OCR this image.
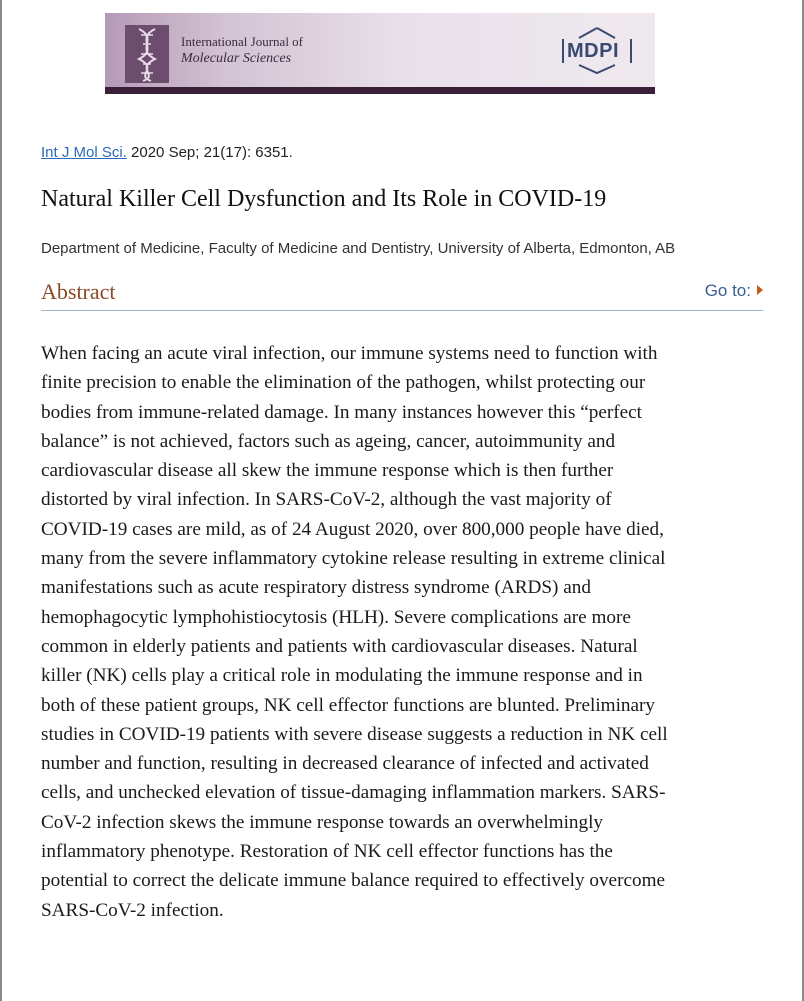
International Journal of
Molecular Sciences	MDPI
Int J Mol Sci. 2020 Sep; 21(17): 6351.
Natural Killer Cell Dysfunction and Its Role in COVID-19
Department of Medicine, Faculty of Medicine and Dentistry, University of Alberta, Edmonton, AB
Abstract	Go to:
When facing an acute viral infection, our immune systems need to function with
finite precision to enable the elimination of the pathogen, whilst protecting our
bodies from immune-related damage. In many instances however this “perfect
balance” is not achieved, factors such as ageing, cancer, autoimmunity and
cardiovascular disease all skew the immune response which is then further
distorted by viral infection. In SARS-CoV-2, although the vast majority of
COVID-19 cases are mild, as of 24 August 2020, over 800,000 people have died,
many from the severe inflammatory cytokine release resulting in extreme clinical
manifestations such as acute respiratory distress syndrome (ARDS) and
hemophagocytic lymphohistiocytosis (HLH). Severe complications are more
common in elderly patients and patients with cardiovascular diseases. Natural
killer (NK) cells play a critical role in modulating the immune response and in
both of these patient groups, NK cell effector functions are blunted. Preliminary
studies in COVID-19 patients with severe disease suggests a reduction in NK cell
number and function, resulting in decreased clearance of infected and activated
cells, and unchecked elevation of tissue-damaging inflammation markers. SARS-
CoV-2 infection skews the immune response towards an overwhelmingly
inflammatory phenotype. Restoration of NK cell effector functions has the
potential to correct the delicate immune balance required to effectively overcome
SARS-CoV-2 infection.
